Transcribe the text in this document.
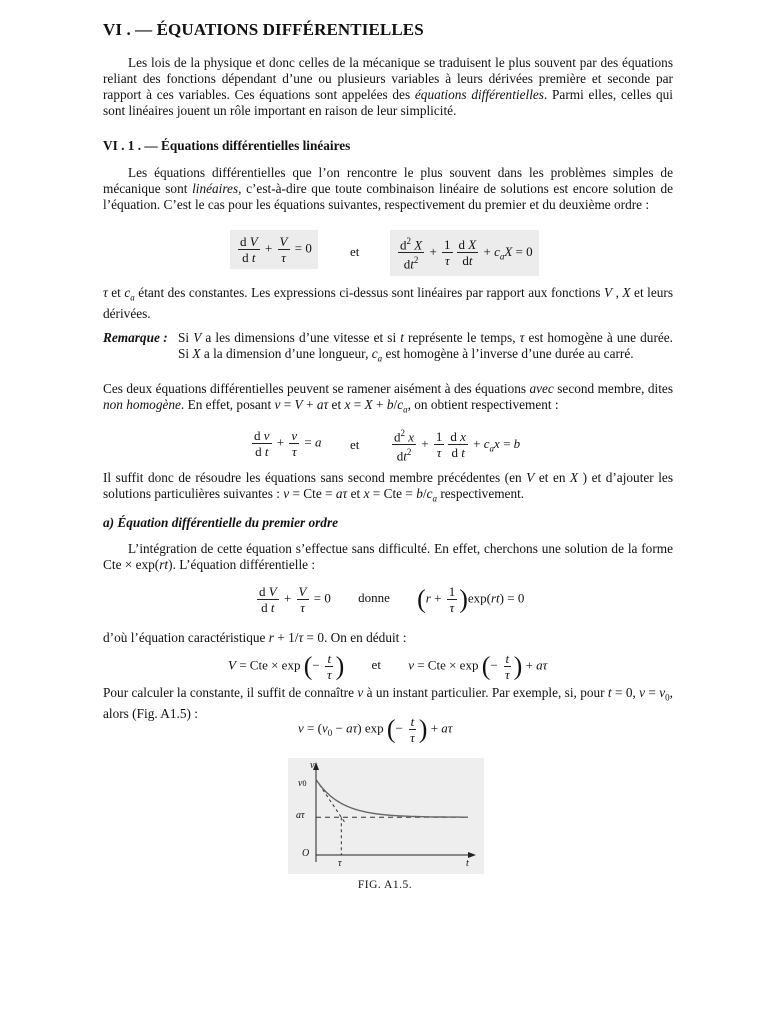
VI . — ÉQUATIONS DIFFÉRENTIELLES
Les lois de la physique et donc celles de la mécanique se traduisent le plus souvent par des équations reliant des fonctions dépendant d’une ou plusieurs variables à leurs dérivées première et seconde par rapport à ces variables. Ces équations sont appelées des équations différentielles. Parmi elles, celles qui sont linéaires jouent un rôle important en raison de leur simplicité.
VI . 1 . — Équations différentielles linéaires
Les équations différentielles que l’on rencontre le plus souvent dans les problèmes simples de mécanique sont linéaires, c’est-à-dire que toute combinaison linéaire de solutions est encore solution de l’équation. C’est le cas pour les équations suivantes, respectivement du premier et du deuxième ordre :
$\frac{\text{d V}}{\text{d t}} + \frac{V}{\tau} = 0$	et	$\frac{d^2 X}{dt^2} + \frac{1}{\tau} \frac{\text{d X}}{dt} + c_aX = 0$
τ et $c_a$ étant des constantes. Les expressions ci-dessus sont linéaires par rapport aux fonctions V , X et leurs dérivées.
Remarque : Si V a les dimensions d’une vitesse et si t représente le temps, τ est homogène à une durée. Si X a la dimension d’une longueur, $c_a$ est homogène à l’inverse d’une durée au carré.
Ces deux équations différentielles peuvent se ramener aisément à des équations avec second membre, dites non homogène. En effet, posant v = V + aτ et $x = X + b/c_a$, on obtient respectivement :
$\frac{\text{d v}}{\text{d t}} + \frac{v}{\tau} = a$ et	$\frac{d^2 x}{dt^2} + \frac{1}{\tau} \frac{\text{d x}}{\text{d t}} + c_ax = b$
Il suffit donc de résoudre les équations sans second membre précédentes (en V et en X ) et d’ajouter les solutions particulières suivantes : v = Cte = aτ et x = Cte = $b/c_a$ respectivement.
a) Équation différentielle du premier ordre
L’intégration de cette équation s’effectue sans difficulté. En effet, cherchons une solution de la forme Cte × exp(rt). L’équation différentielle :
$\frac{\text{d V}}{\text{d t}} + \frac{V}{\tau} = 0$ donne $(r + \frac{1}{\tau} )\exp(rt) = 0$
d’où l’équation caractéristique r + 1/τ = 0. On en déduit :
V = Cte × exp (− $\frac{t}{\tau}$ ) et v = Cte × exp (− $\frac{t}{\tau}$ ) + aτ
Pour calculer la constante, il suffit de connaître v à un instant particulier. Par exemple, si, pour t = 0, $v = v_0$, alors (Fig. A1.5) :
$v = (v_0 - a\tau)$ exp (− $\frac{t}{\tau}$ ) + aτ
v
v0
aτ
O
τ	t
FIG. A1.5.
